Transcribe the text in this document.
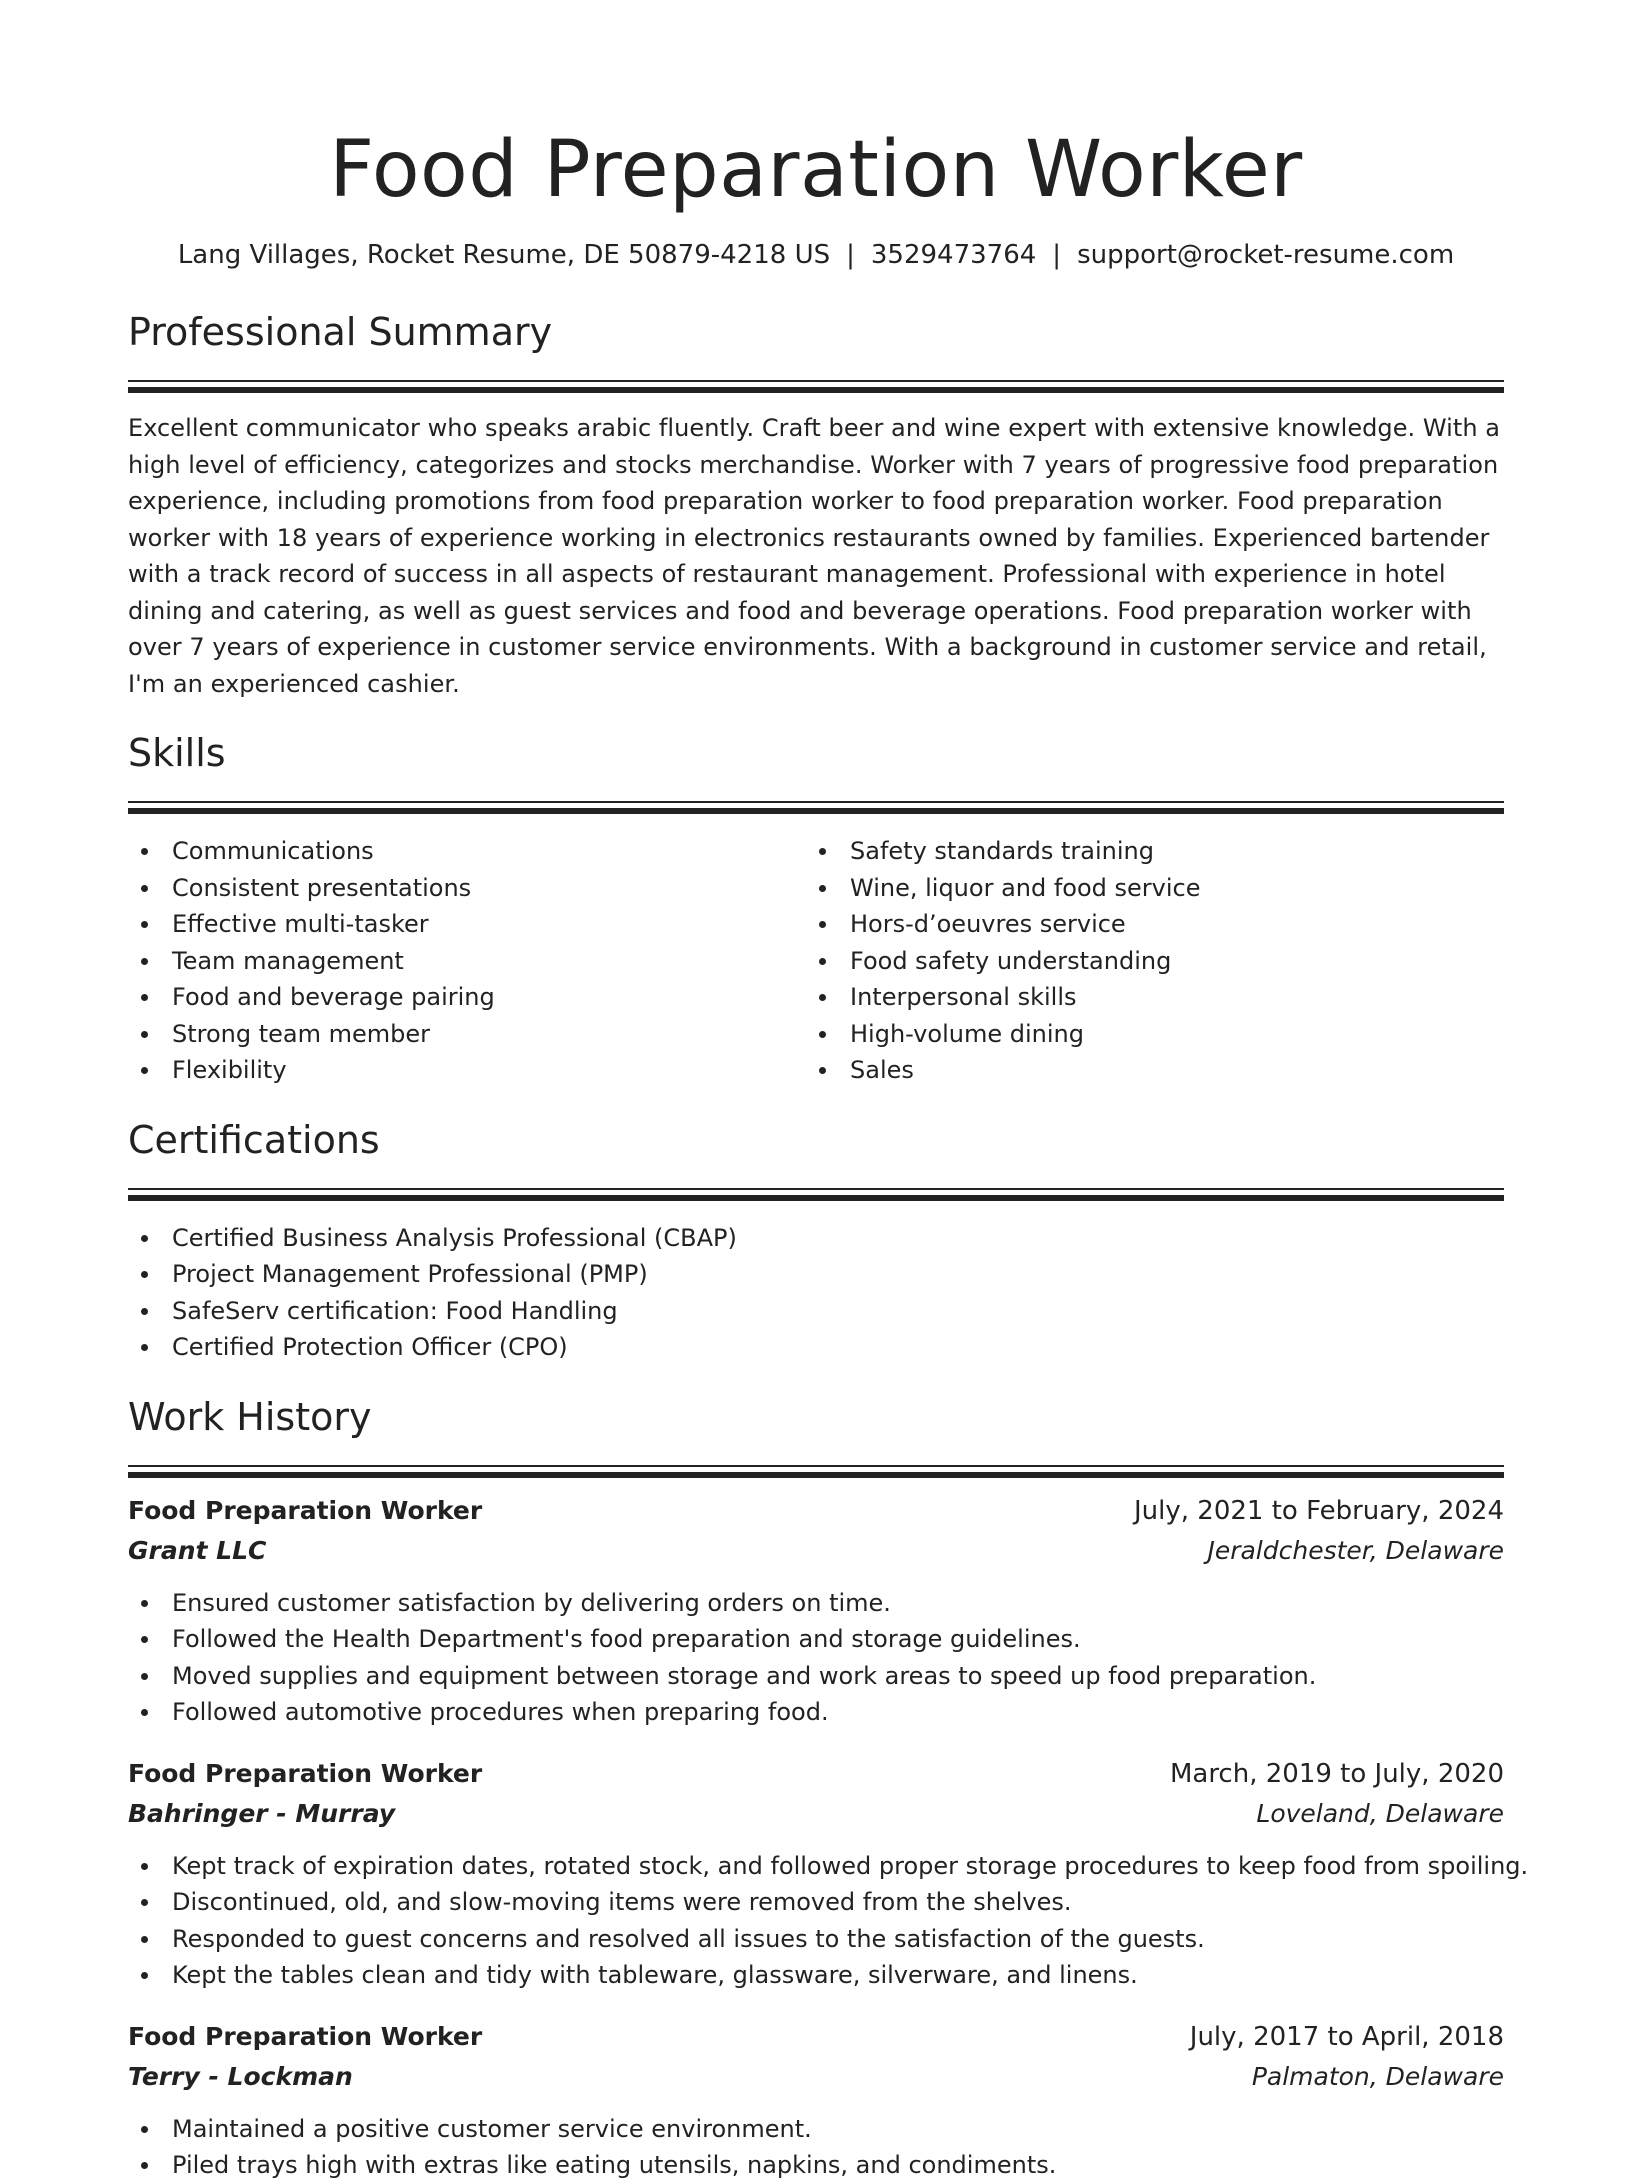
Food Preparation Worker
Lang Villages, Rocket Resume, DE 50879-4218 US | 3529473764 | support@rocket-resume.com
Professional Summary
Excellent communicator who speaks arabic fluently. Craft beer and wine expert with extensive knowledge. With a high level of efficiency, categorizes and stocks merchandise. Worker with 7 years of progressive food preparation experience, including promotions from food preparation worker to food preparation worker. Food preparation worker with 18 years of experience working in electronics restaurants owned by families. Experienced bartender with a track record of success in all aspects of restaurant management. Professional with experience in hotel dining and catering, as well as guest services and food and beverage operations. Food preparation worker with over 7 years of experience in customer service environments. With a background in customer service and retail, I'm an experienced cashier.
Skills
Communications
Consistent presentations
Effective multi-tasker
Team management
Food and beverage pairing
Strong team member
Flexibility
Safety standards training
Wine, liquor and food service
Hors-d’oeuvres service
Food safety understanding
Interpersonal skills
High-volume dining
Sales
Certifications
Certified Business Analysis Professional (CBAP)
Project Management Professional (PMP)
SafeServ certification: Food Handling
Certified Protection Officer (CPO)
Work History
Food Preparation Worker	July, 2021 to February, 2024
Grant LLC	Jeraldchester, Delaware
Ensured customer satisfaction by delivering orders on time.
Followed the Health Department's food preparation and storage guidelines.
Moved supplies and equipment between storage and work areas to speed up food preparation.
Followed automotive procedures when preparing food.
Food Preparation Worker	March, 2019 to July, 2020
Bahringer - Murray	Loveland, Delaware
Kept track of expiration dates, rotated stock, and followed proper storage procedures to keep food from spoiling.
Discontinued, old, and slow-moving items were removed from the shelves.
Responded to guest concerns and resolved all issues to the satisfaction of the guests.
Kept the tables clean and tidy with tableware, glassware, silverware, and linens.
Food Preparation Worker	July, 2017 to April, 2018
Terry - Lockman	Palmaton, Delaware
Maintained a positive customer service environment.
Piled trays high with extras like eating utensils, napkins, and condiments.
